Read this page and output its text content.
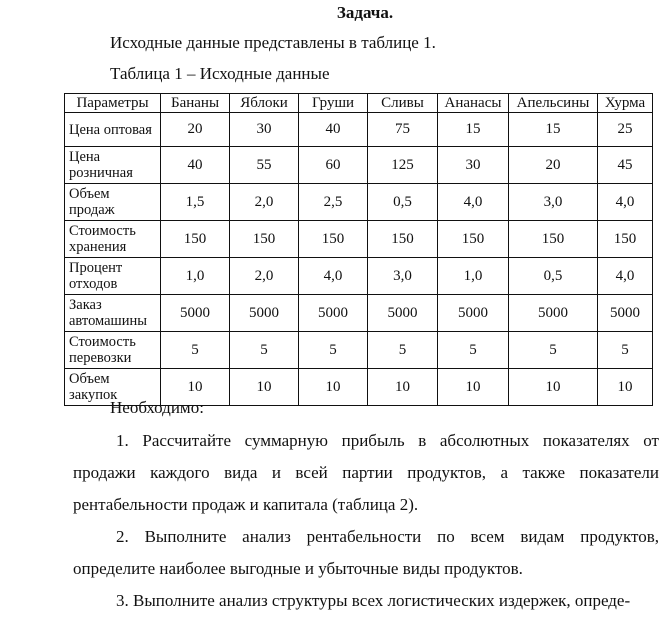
Задача.
Исходные данные представлены в таблице 1.
Таблица 1 – Исходные данные
Параметры	Бананы	Яблоки	Груши	Сливы	Ананасы	Апельсины	Хурма
Цена оптовая	20	30	40	75	15	15	25
Цена розничная	40	55	60	125	30	20	45
Объем продаж	1,5	2,0	2,5	0,5	4,0	3,0	4,0
Стоимость хранения	150	150	150	150	150	150	150
Процент отходов	1,0	2,0	4,0	3,0	1,0	0,5	4,0
Заказ автомашины	5000	5000	5000	5000	5000	5000	5000
Стоимость перевозки	5	5	5	5	5	5	5
Объем закупок	10	10	10	10	10	10	10
Необходимо:
1. Рассчитайте суммарную прибыль в абсолютных показателях от продажи каждого вида и всей партии продуктов, а также показатели рентабельности продаж и капитала (таблица 2).
2. Выполните анализ рентабельности по всем видам продуктов, определите наиболее выгодные и убыточные виды продуктов.
3. Выполните анализ структуры всех логистических издержек, опреде-
